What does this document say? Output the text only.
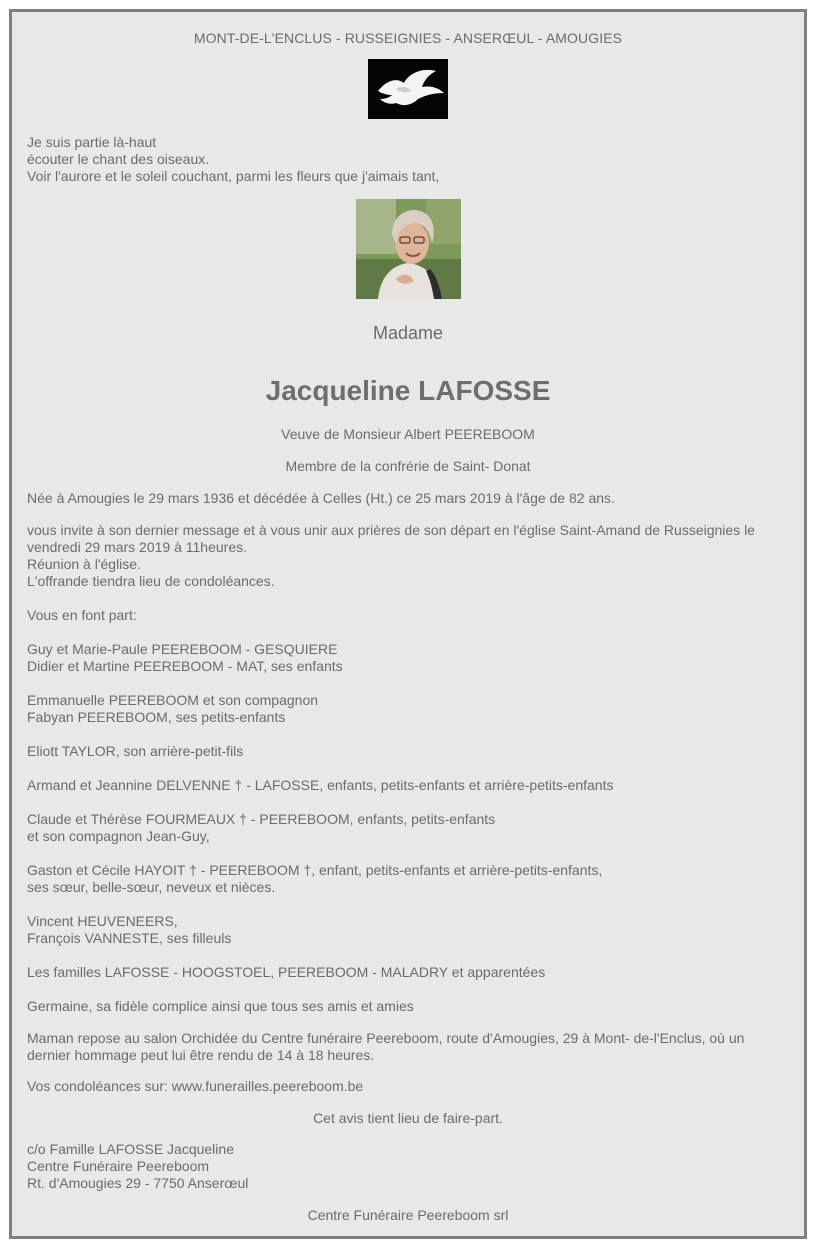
MONT-DE-L'ENCLUS - RUSSEIGNIES - ANSERŒUL - AMOUGIES

Je suis partie là-haut

écouter le chant des oiseaux.

Voir l'aurore et le soleil couchant, parmi les fleurs que j'aimais tant,

Madame

Jacqueline LAFOSSE

Veuve de Monsieur Albert PEEREBOOM

Membre de la confrérie de Saint- Donat

Née à Amougies le 29 mars 1936 et décédée à Celles (Ht.) ce 25 mars 2019 à l'âge de 82 ans.

vous invite à son dernier message et à vous unir aux prières de son départ en l'église Saint-Amand de Russeignies le

vendredi 29 mars 2019 à 11heures.

Réunion à l'église.

L'offrande tiendra lieu de condoléances.

Vous en font part:

Guy et Marie-Paule PEEREBOOM - GESQUIERE

Didier et Martine PEEREBOOM - MAT, ses enfants

Emmanuelle PEEREBOOM et son compagnon

Fabyan PEEREBOOM, ses petits-enfants

Eliott TAYLOR, son arrière-petit-fils

Armand et Jeannine DELVENNE † - LAFOSSE, enfants, petits-enfants et arrière-petits-enfants

Claude et Thérèse FOURMEAUX † - PEEREBOOM, enfants, petits-enfants

et son compagnon Jean-Guy,

Gaston et Cécile HAYOIT † - PEEREBOOM †, enfant, petits-enfants et arrière-petits-enfants,

ses sœur, belle-sœur, neveux et nièces.

Vincent HEUVENEERS,

François VANNESTE, ses filleuls

Les familles LAFOSSE - HOOGSTOEL, PEEREBOOM - MALADRY et apparentées

Germaine, sa fidèle complice ainsi que tous ses amis et amies

Maman repose au salon Orchidée du Centre funéraire Peereboom, route d'Amougies, 29 à Mont- de-l'Enclus, où un

dernier hommage peut lui être rendu de 14 à 18 heures.

Vos condoléances sur: www.funerailles.peereboom.be

Cet avis tient lieu de faire-part.

c/o Famille LAFOSSE Jacqueline

Centre Funéraire Peereboom

Rt. d'Amougies 29 - 7750 Anserœul

Centre Funéraire Peereboom srl
